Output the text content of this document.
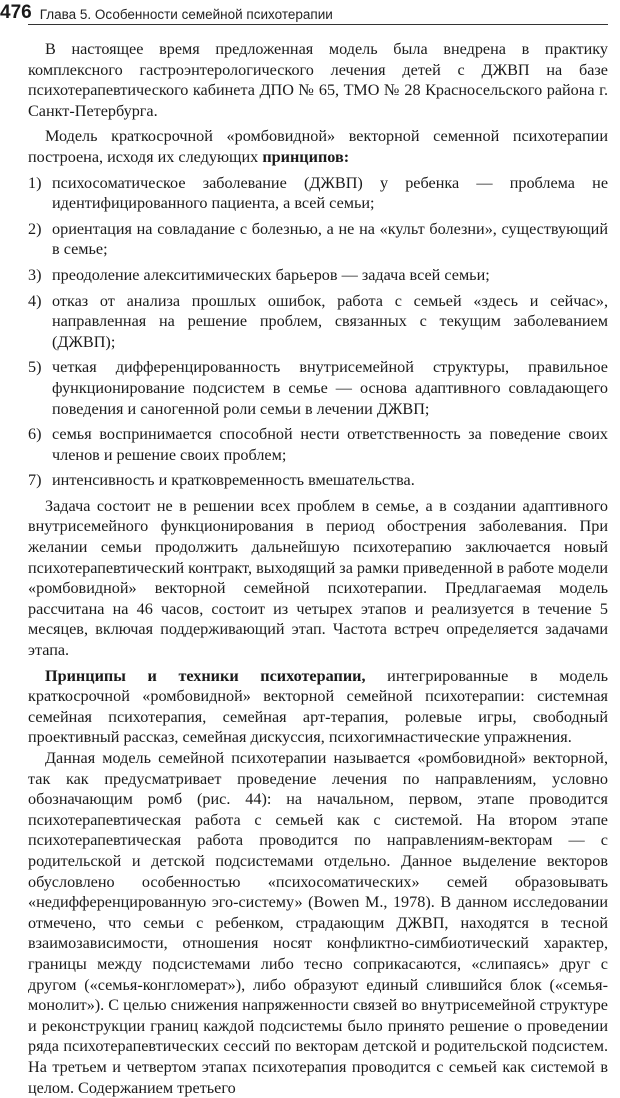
476 Глава 5. Особенности семейной психотерапии

В настоящее время предложенная модель была внедрена в практику комплексного гастроэнтерологического лечения детей с ДЖВП на базе психотерапевтического кабинета ДПО № 65, ТМО № 28 Красносельского района г. Санкт-Петербурга.

Модель краткосрочной «ромбовидной» векторной семенной психотерапии построена, исходя их следующих принципов:

1) психосоматическое заболевание (ДЖВП) у ребенка — проблема не идентифицированного пациента, а всей семьи;
2) ориентация на совладание с болезнью, а не на «культ болезни», существующий в семье;
3) преодоление алекситимических барьеров — задача всей семьи;
4) отказ от анализа прошлых ошибок, работа с семьей «здесь и сейчас», направленная на решение проблем, связанных с текущим заболеванием (ДЖВП);
5) четкая дифференцированность внутрисемейной структуры, правильное функционирование подсистем в семье — основа адаптивного совладающего поведения и саногенной роли семьи в лечении ДЖВП;
6) семья воспринимается способной нести ответственность за поведение своих членов и решение своих проблем;
7) интенсивность и кратковременность вмешательства.

Задача состоит не в решении всех проблем в семье, а в создании адаптивного внутрисемейного функционирования в период обострения заболевания. При желании семьи продолжить дальнейшую психотерапию заключается новый психотерапевтический контракт, выходящий за рамки приведенной в работе модели «ромбовидной» векторной семейной психотерапии. Предлагаемая модель рассчитана на 46 часов, состоит из четырех этапов и реализуется в течение 5 месяцев, включая поддерживающий этап. Частота встреч определяется задачами этапа.

Принципы и техники психотерапии, интегрированные в модель краткосрочной «ромбовидной» векторной семейной психотерапии: системная семейная психотерапия, семейная арт-терапия, ролевые игры, свободный проективный рассказ, семейная дискуссия, психогимнастические упражнения.

Данная модель семейной психотерапии называется «ромбовидной» векторной, так как предусматривает проведение лечения по направлениям, условно обозначающим ромб (рис. 44): на начальном, первом, этапе проводится психотерапевтическая работа с семьей как с системой. На втором этапе психотерапевтическая работа проводится по направлениям-векторам — с родительской и детской подсистемами отдельно. Данное выделение векторов обусловлено особенностью «психосоматических» семей образовывать «недифференцированную эго-систему» (Bowen M., 1978). В данном исследовании отмечено, что семьи с ребенком, страдающим ДЖВП, находятся в тесной взаимозависимости, отношения носят конфликтно-симбиотический характер, границы между подсистемами либо тесно соприкасаются, «слипаясь» друг с другом («семья-конгломерат»), либо образуют единый слившийся блок («семья-монолит»). С целью снижения напряженности связей во внутрисемейной структуре и реконструкции границ каждой подсистемы было принято решение о проведении ряда психотерапевтических сессий по векторам детской и родительской подсистем. На третьем и четвертом этапах психотерапия проводится с семьей как системой в целом. Содержанием третьего
